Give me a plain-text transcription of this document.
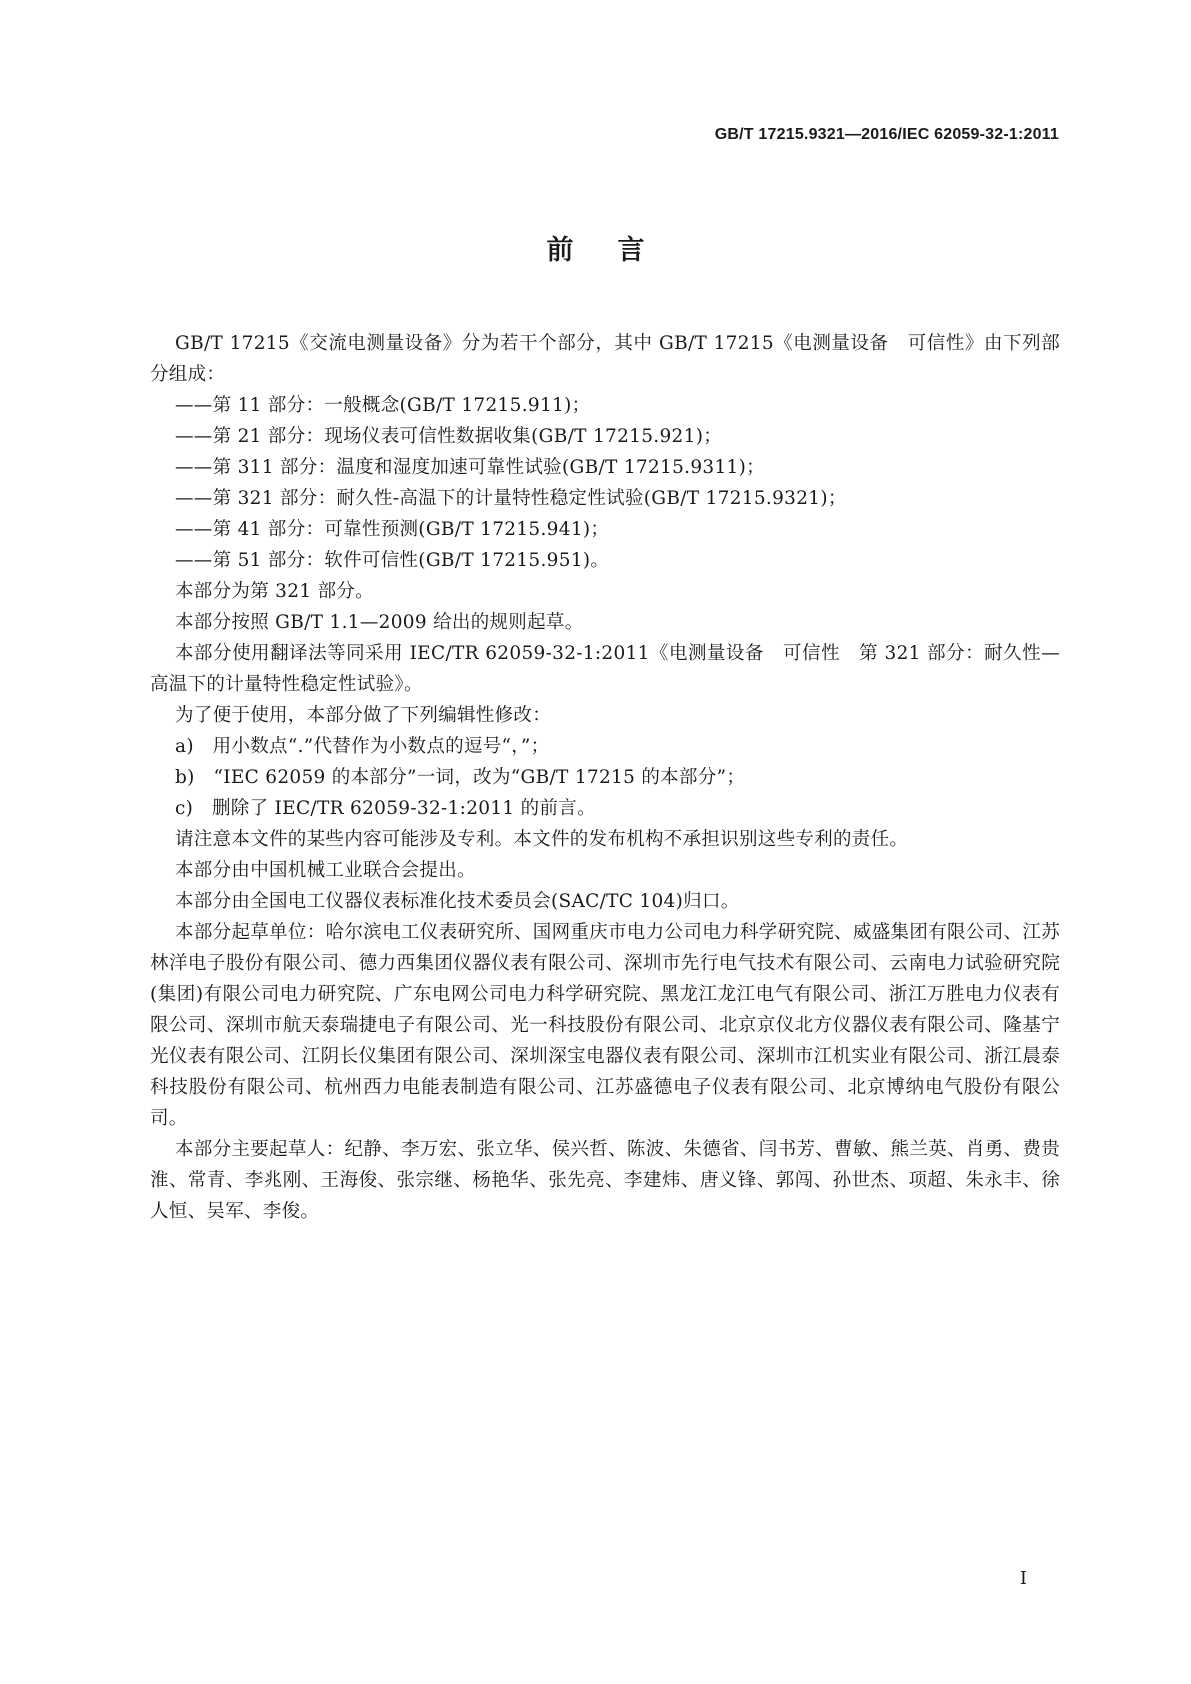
GB/T 17215.9321—2016/IEC 62059-32-1:2011
前言

GB/T 17215《交流电测量设备》分为若干个部分，其中 GB/T 17215《电测量设备　可信性》由下列部分组成：

——第 11 部分：一般概念(GB/T 17215.911)；

——第 21 部分：现场仪表可信性数据收集(GB/T 17215.921)；

——第 311 部分：温度和湿度加速可靠性试验(GB/T 17215.9311)；

——第 321 部分：耐久性-高温下的计量特性稳定性试验(GB/T 17215.9321)；

——第 41 部分：可靠性预测(GB/T 17215.941)；

——第 51 部分：软件可信性(GB/T 17215.951)。

本部分为第 321 部分。

本部分按照 GB/T 1.1—2009 给出的规则起草。

本部分使用翻译法等同采用 IEC/TR 62059-32-1:2011《电测量设备　可信性　第 321 部分：耐久性—高温下的计量特性稳定性试验》。

为了便于使用，本部分做了下列编辑性修改：

a)　用小数点“.”代替作为小数点的逗号“，”；

b)　“IEC 62059 的本部分”一词，改为“GB/T 17215 的本部分”；

c)　删除了 IEC/TR 62059-32-1:2011 的前言。

请注意本文件的某些内容可能涉及专利。本文件的发布机构不承担识别这些专利的责任。

本部分由中国机械工业联合会提出。

本部分由全国电工仪器仪表标准化技术委员会(SAC/TC 104)归口。

本部分起草单位：哈尔滨电工仪表研究所、国网重庆市电力公司电力科学研究院、威盛集团有限公司、江苏林洋电子股份有限公司、德力西集团仪器仪表有限公司、深圳市先行电气技术有限公司、云南电力试验研究院(集团)有限公司电力研究院、广东电网公司电力科学研究院、黑龙江龙江电气有限公司、浙江万胜电力仪表有限公司、深圳市航天泰瑞捷电子有限公司、光一科技股份有限公司、北京京仪北方仪器仪表有限公司、隆基宁光仪表有限公司、江阴长仪集团有限公司、深圳深宝电器仪表有限公司、深圳市江机实业有限公司、浙江晨泰科技股份有限公司、杭州西力电能表制造有限公司、江苏盛德电子仪表有限公司、北京博纳电气股份有限公司。

本部分主要起草人：纪静、李万宏、张立华、侯兴哲、陈波、朱德省、闫书芳、曹敏、熊兰英、肖勇、费贵淮、常青、李兆刚、王海俊、张宗继、杨艳华、张先亮、李建炜、唐义锋、郭闯、孙世杰、项超、朱永丰、徐人恒、吴军、李俊。

I
